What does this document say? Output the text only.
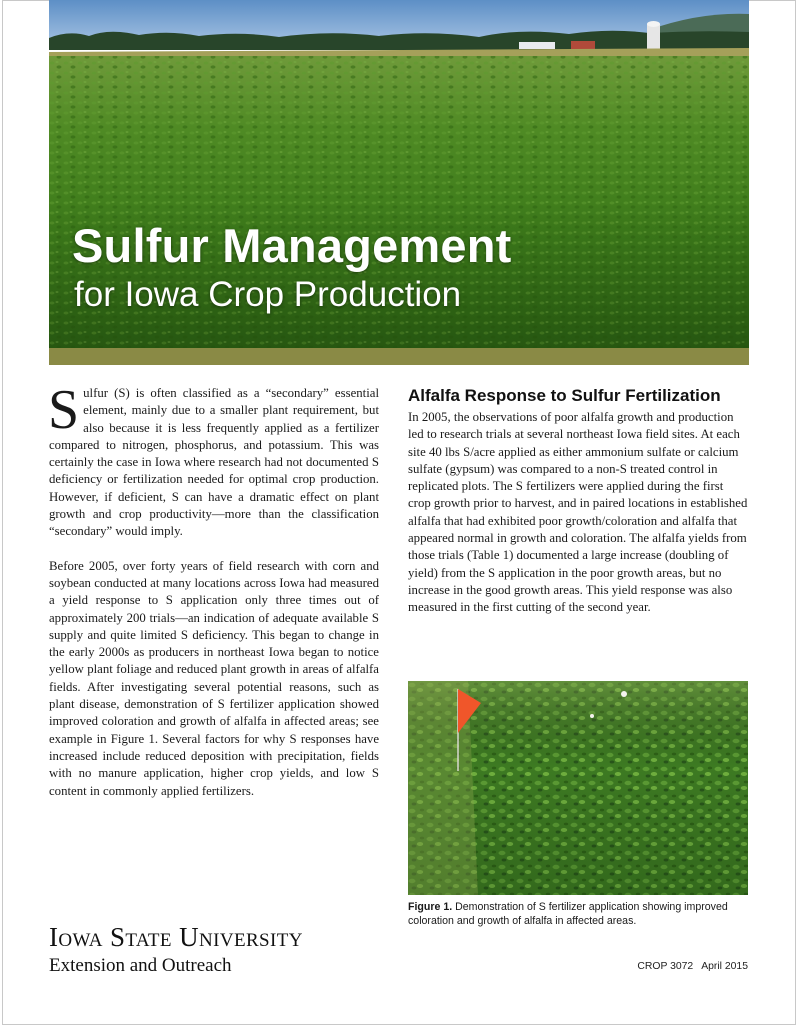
Sulfur Management
for Iowa Crop Production

Sulfur (S) is often classified as a “secondary” essential element, mainly due to a smaller plant requirement, but also because it is less frequently applied as a fertilizer compared to nitrogen, phosphorus, and potassium. This was certainly the case in Iowa where research had not documented S deficiency or fertilization needed for optimal crop production. However, if deficient, S can have a dramatic effect on plant growth and crop productivity—more than the classification “secondary” would imply.

Before 2005, over forty years of field research with corn and soybean conducted at many locations across Iowa had measured a yield response to S application only three times out of approximately 200 trials—an indication of adequate available S supply and quite limited S deficiency. This began to change in the early 2000s as producers in northeast Iowa began to notice yellow plant foliage and reduced plant growth in areas of alfalfa fields. After investigating several potential reasons, such as plant disease, demonstration of S fertilizer application showed improved coloration and growth of alfalfa in affected areas; see example in Figure 1. Several factors for why S responses have increased include reduced deposition with precipitation, fields with no manure application, higher crop yields, and low S content in commonly applied fertilizers.

Alfalfa Response to Sulfur Fertilization

In 2005, the observations of poor alfalfa growth and production led to research trials at several northeast Iowa field sites. At each site 40 lbs S/acre applied as either ammonium sulfate or calcium sulfate (gypsum) was compared to a non-S treated control in replicated plots. The S fertilizers were applied during the first crop growth prior to harvest, and in paired locations in established alfalfa that had exhibited poor growth/coloration and alfalfa that appeared normal in growth and coloration. The alfalfa yields from those trials (Table 1) documented a large increase (doubling of yield) from the S application in the poor growth areas, but no increase in the good growth areas. This yield response was also measured in the first cutting of the second year.

Figure 1. Demonstration of S fertilizer application showing improved coloration and growth of alfalfa in affected areas.
Iowa State University
Extension and Outreach	CROP 3072 April 2015
